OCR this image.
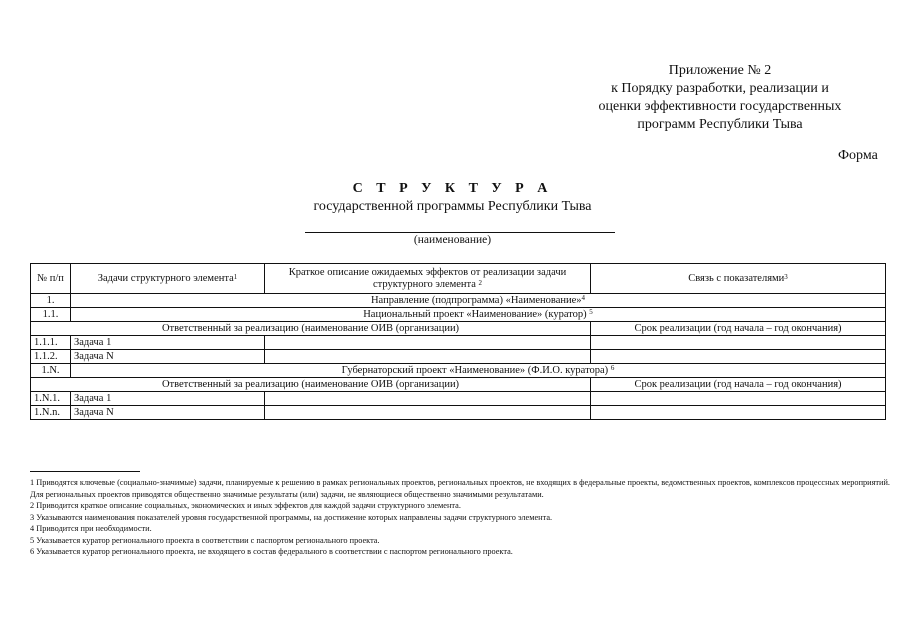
Приложение № 2
к Порядку разработки, реализации и
оценки эффективности государственных
программ Республики Тыва
Форма
С Т Р У К Т У Р А
государственной программы Республики Тыва
(наименование)
№ п/п	Задачи структурного элемента$^1$	Краткое описание ожидаемых эффектов от реализации задачи структурного элемента $^2$	Связь с показателями$^3$
1.	Направление (подпрограмма) «Наименование»$^4$
1.1.	Национальный проект «Наименование» (куратор) $^5$
Ответственный за реализацию (наименование ОИВ (организации)			Срок реализации (год начала – год окончания)
1.1.1.	Задача 1		
1.1.2.	Задача N		
1.N.	Губернаторский проект «Наименование» (Ф.И.О. куратора) $^6$
Ответственный за реализацию (наименование ОИВ (организации)			Срок реализации (год начала – год окончания)
1.N.1.	Задача 1		
1.N.n.	Задача N		
1 Приводятся ключевые (социально-значимые) задачи, планируемые к решению в рамках региональных проектов, региональных проектов, не входящих в федеральные проекты, ведомственных проектов, комплексов процессных мероприятий. Для региональных проектов приводятся общественно значимые результаты (или) задачи, не являющиеся общественно значимыми результатами.
2 Приводится краткое описание социальных, экономических и иных эффектов для каждой задачи структурного элемента.
3 Указываются наименования показателей уровня государственной программы, на достижение которых направлены задачи структурного элемента.
4 Приводится при необходимости.
5 Указывается куратор регионального проекта в соответствии с паспортом регионального проекта.
6 Указывается куратор регионального проекта, не входящего в состав федерального в соответствии с паспортом регионального проекта.
